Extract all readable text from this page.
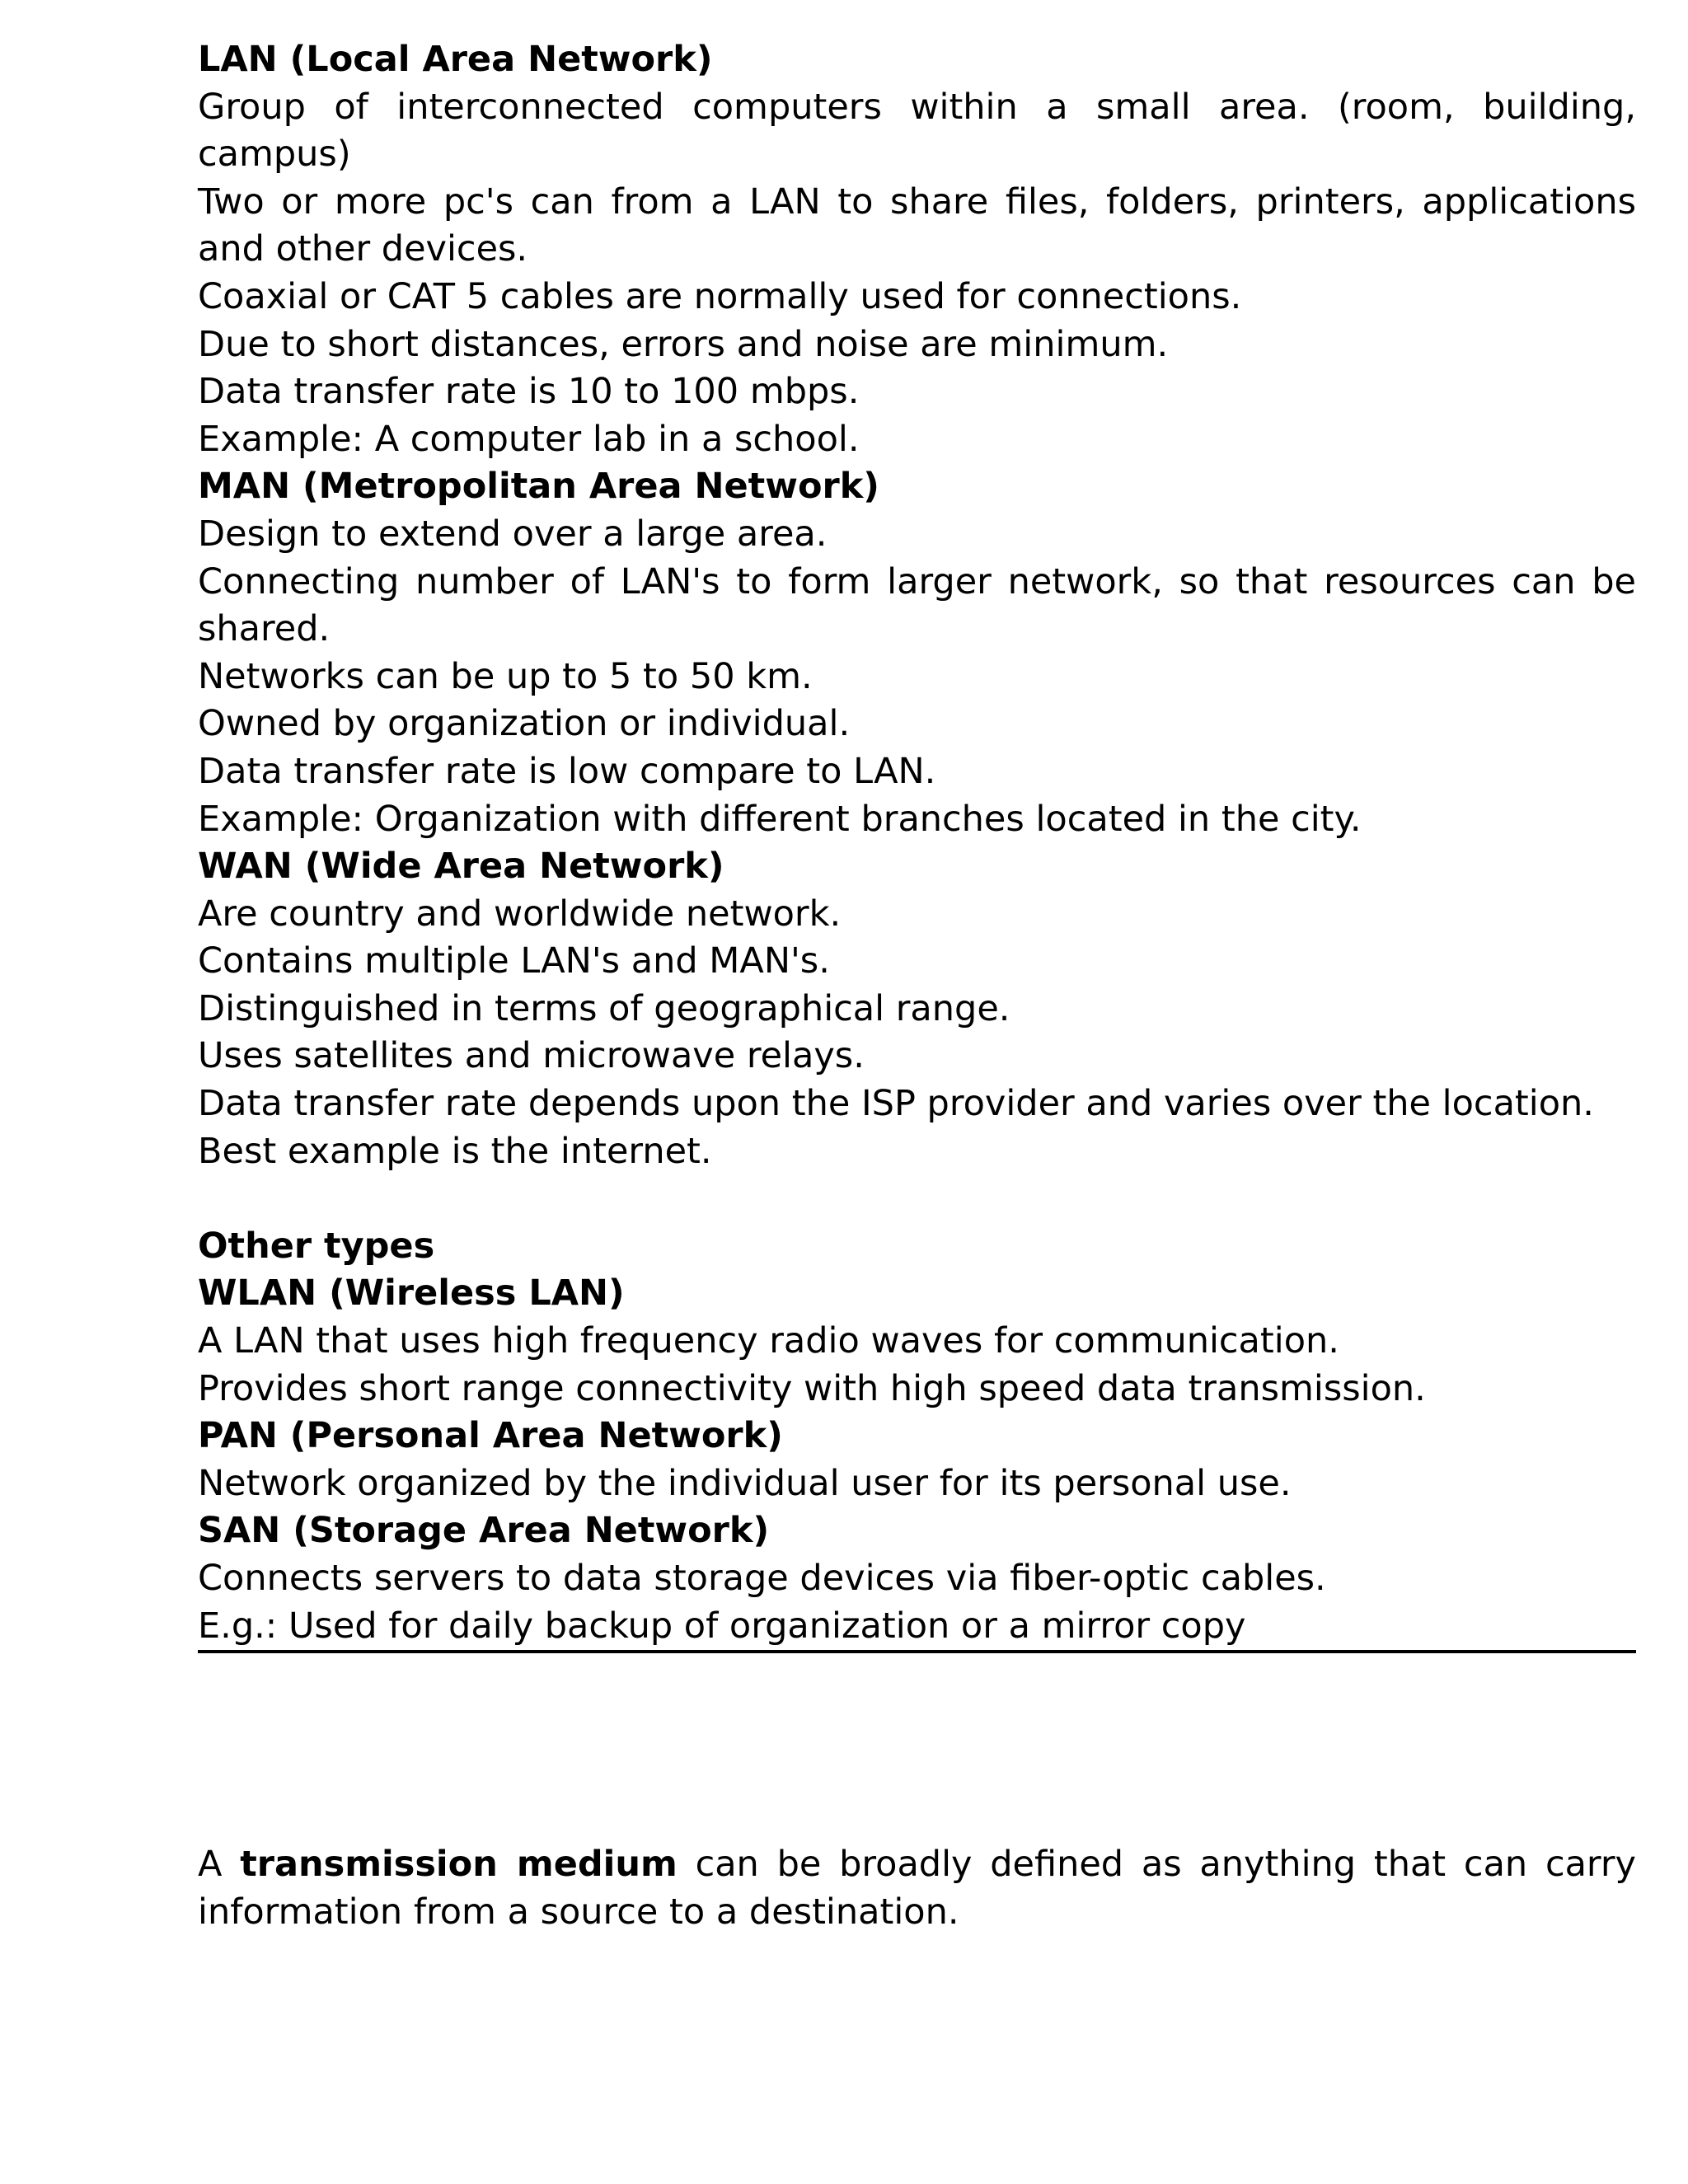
LAN (Local Area Network)

Group of interconnected computers within a small area. (room, building, campus)

Two or more pc's can from a LAN to share files, folders, printers, applications and other devices.

Coaxial or CAT 5 cables are normally used for connections.

Due to short distances, errors and noise are minimum.

Data transfer rate is 10 to 100 mbps.

Example: A computer lab in a school.

MAN (Metropolitan Area Network)

Design to extend over a large area.

Connecting number of LAN's to form larger network, so that resources can be shared.

Networks can be up to 5 to 50 km.

Owned by organization or individual.

Data transfer rate is low compare to LAN.

Example: Organization with different branches located in the city.

WAN (Wide Area Network)

Are country and worldwide network.

Contains multiple LAN's and MAN's.

Distinguished in terms of geographical range.

Uses satellites and microwave relays.

Data transfer rate depends upon the ISP provider and varies over the location.

Best example is the internet.

Other types

WLAN (Wireless LAN)

A LAN that uses high frequency radio waves for communication.

Provides short range connectivity with high speed data transmission.

PAN (Personal Area Network)

Network organized by the individual user for its personal use.

SAN (Storage Area Network)

Connects servers to data storage devices via fiber-optic cables.

E.g.: Used for daily backup of organization or a mirror copy

A transmission medium can be broadly defined as anything that can carry information from a source to a destination.
